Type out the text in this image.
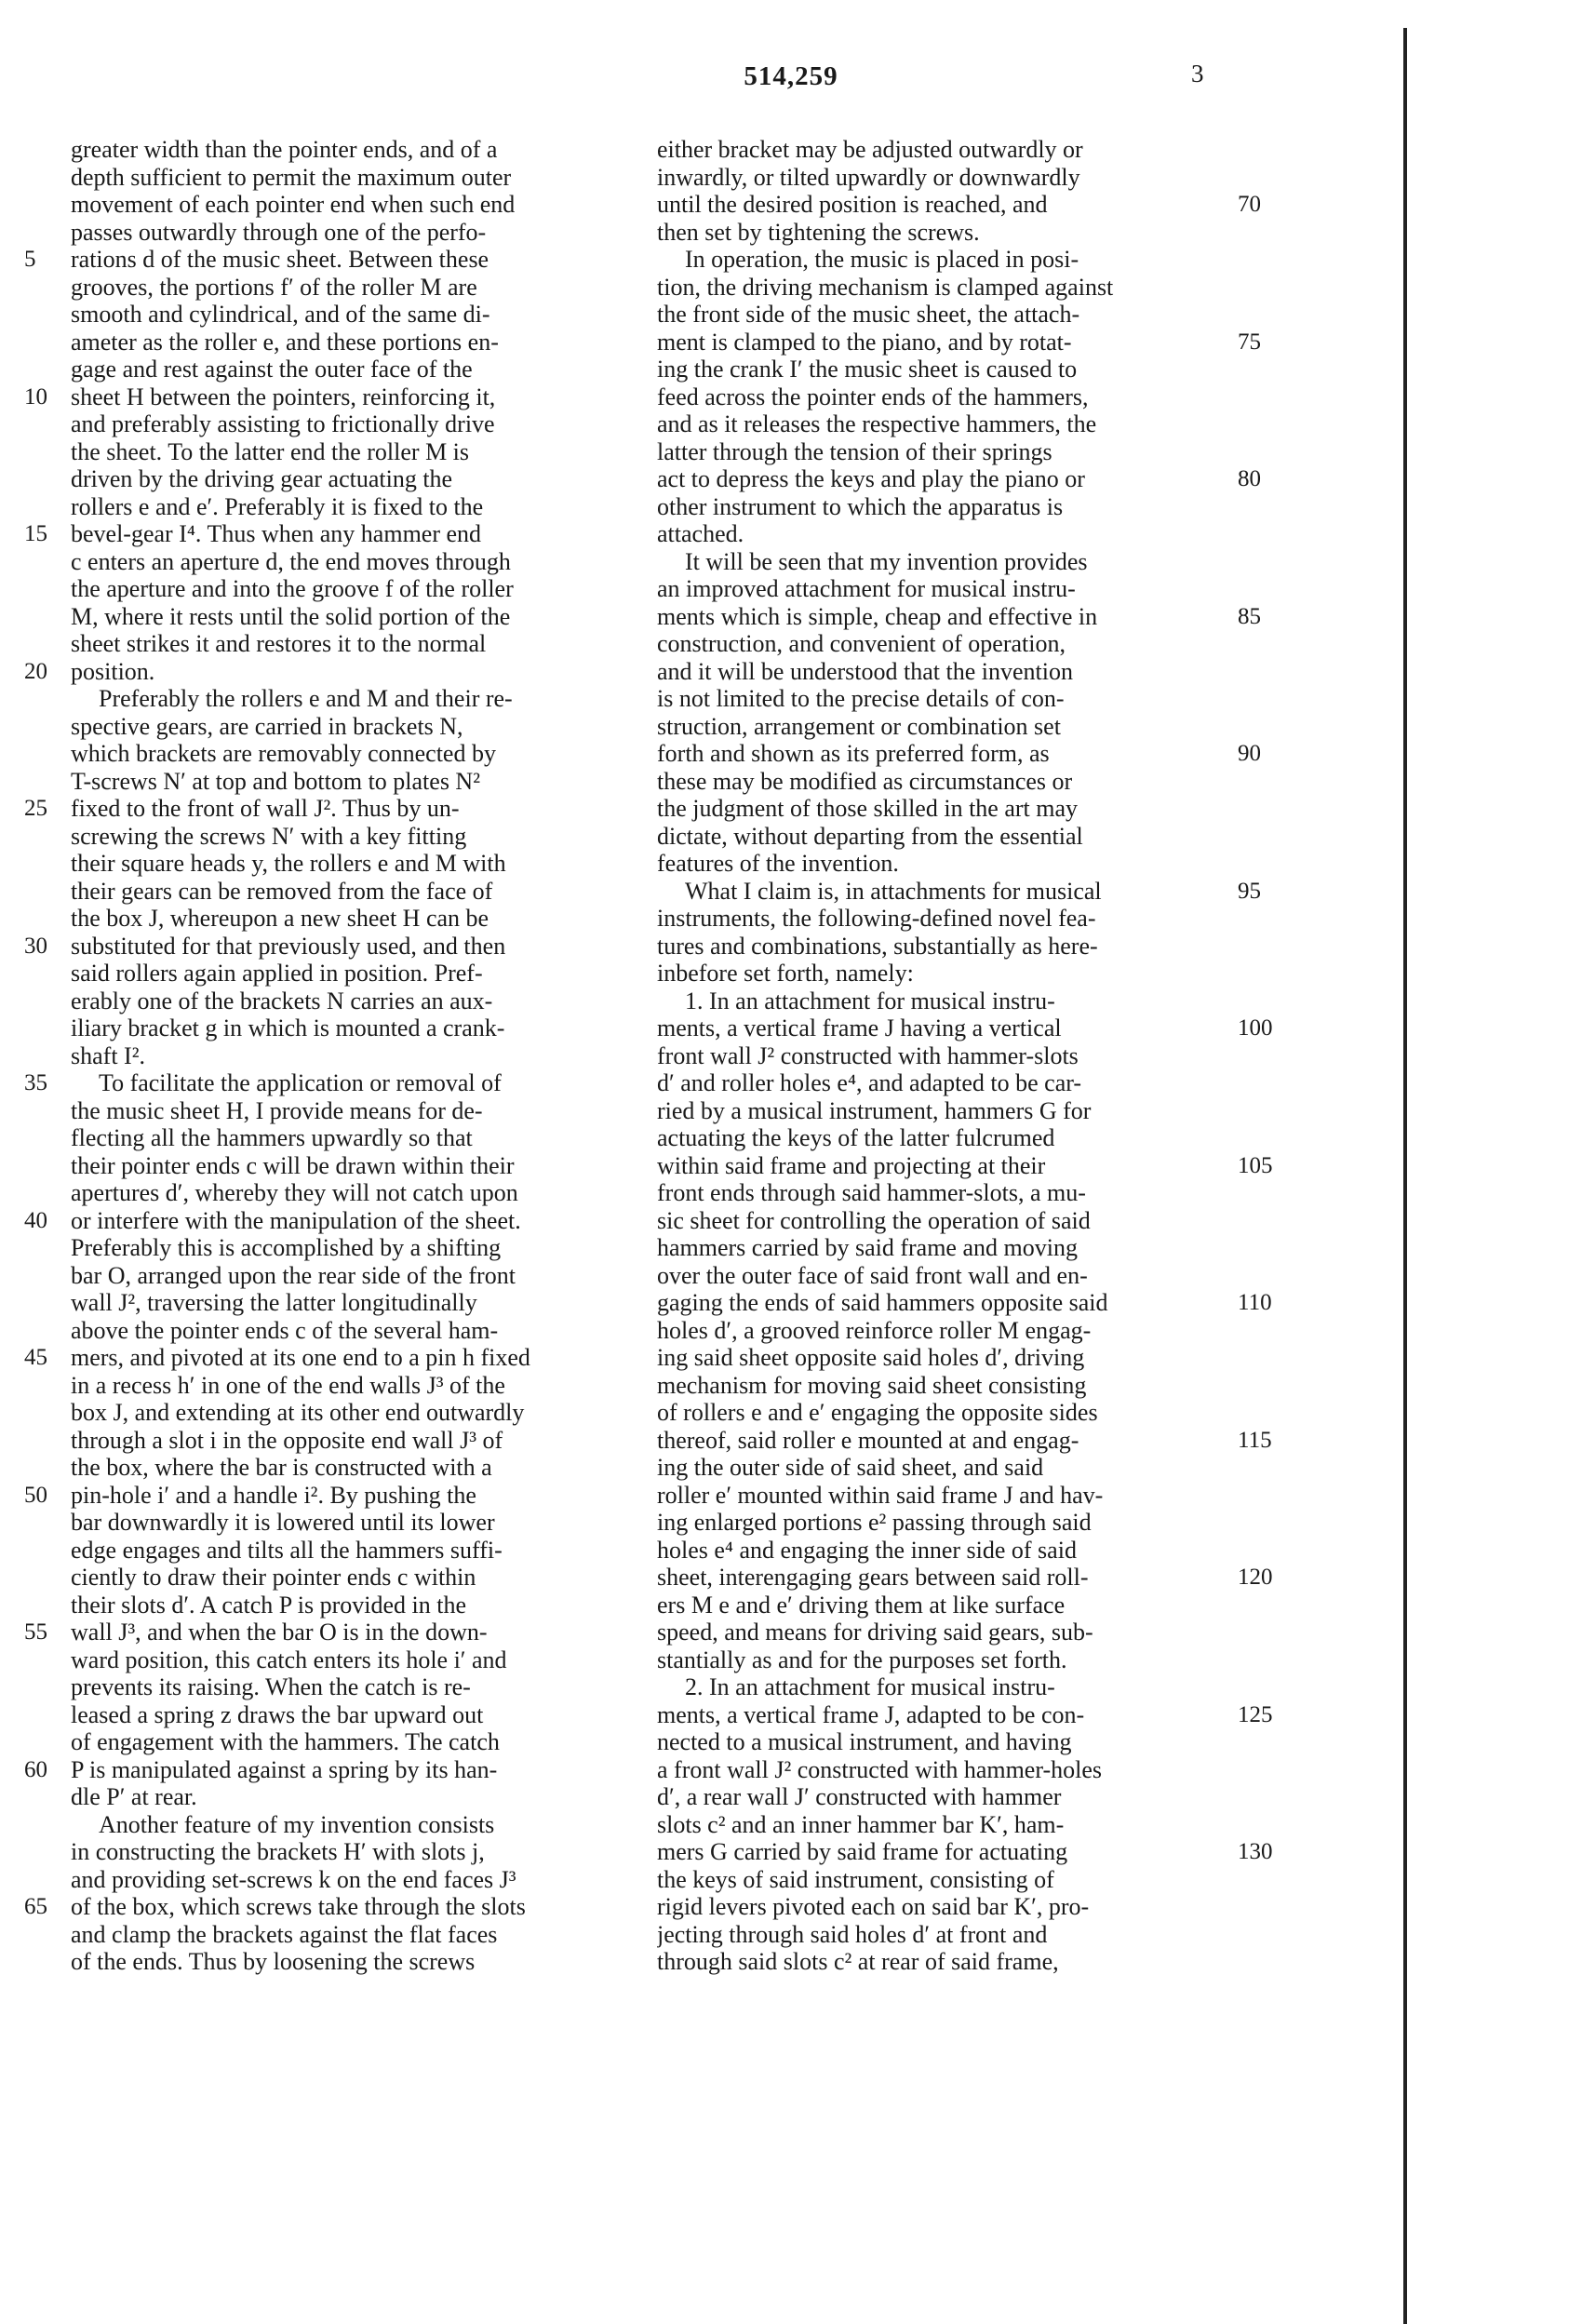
514,259	3
5
10
15
20
25
30
35
40
45
50
55
60
65
greater width than the pointer ends, and of a
depth sufficient to permit the maximum outer
movement of each pointer end when such end
passes outwardly through one of the perfo-
rations d of the music sheet. Between these
grooves, the portions f′ of the roller M are
smooth and cylindrical, and of the same di-
ameter as the roller e, and these portions en-
gage and rest against the outer face of the
sheet H between the pointers, reinforcing it,
and preferably assisting to frictionally drive
the sheet. To the latter end the roller M is
driven by the driving gear actuating the
rollers e and e′. Preferably it is fixed to the
bevel-gear I⁴. Thus when any hammer end
c enters an aperture d, the end moves through
the aperture and into the groove f of the roller
M, where it rests until the solid portion of the
sheet strikes it and restores it to the normal
position.
Preferably the rollers e and M and their re-
spective gears, are carried in brackets N,
which brackets are removably connected by
T-screws N′ at top and bottom to plates N²
fixed to the front of wall J². Thus by un-
screwing the screws N′ with a key fitting
their square heads y, the rollers e and M with
their gears can be removed from the face of
the box J, whereupon a new sheet H can be
substituted for that previously used, and then
said rollers again applied in position. Pref-
erably one of the brackets N carries an aux-
iliary bracket g in which is mounted a crank-
shaft I².
To facilitate the application or removal of
the music sheet H, I provide means for de-
flecting all the hammers upwardly so that
their pointer ends c will be drawn within their
apertures d′, whereby they will not catch upon
or interfere with the manipulation of the sheet.
Preferably this is accomplished by a shifting
bar O, arranged upon the rear side of the front
wall J², traversing the latter longitudinally
above the pointer ends c of the several ham-
mers, and pivoted at its one end to a pin h fixed
in a recess h′ in one of the end walls J³ of the
box J, and extending at its other end outwardly
through a slot i in the opposite end wall J³ of
the box, where the bar is constructed with a
pin-hole i′ and a handle i². By pushing the
bar downwardly it is lowered until its lower
edge engages and tilts all the hammers suffi-
ciently to draw their pointer ends c within
their slots d′. A catch P is provided in the
wall J³, and when the bar O is in the down-
ward position, this catch enters its hole i′ and
prevents its raising. When the catch is re-
leased a spring z draws the bar upward out
of engagement with the hammers. The catch
P is manipulated against a spring by its han-
dle P′ at rear.
Another feature of my invention consists
in constructing the brackets H′ with slots j,
and providing set-screws k on the end faces J³
of the box, which screws take through the slots
and clamp the brackets against the flat faces
of the ends. Thus by loosening the screws
either bracket may be adjusted outwardly or
inwardly, or tilted upwardly or downwardly
until the desired position is reached, and
then set by tightening the screws.
In operation, the music is placed in posi-
tion, the driving mechanism is clamped against
the front side of the music sheet, the attach-
ment is clamped to the piano, and by rotat-
ing the crank I′ the music sheet is caused to
feed across the pointer ends of the hammers,
and as it releases the respective hammers, the
latter through the tension of their springs
act to depress the keys and play the piano or
other instrument to which the apparatus is
attached.
It will be seen that my invention provides
an improved attachment for musical instru-
ments which is simple, cheap and effective in
construction, and convenient of operation,
and it will be understood that the invention
is not limited to the precise details of con-
struction, arrangement or combination set
forth and shown as its preferred form, as
these may be modified as circumstances or
the judgment of those skilled in the art may
dictate, without departing from the essential
features of the invention.
What I claim is, in attachments for musical
instruments, the following-defined novel fea-
tures and combinations, substantially as here-
inbefore set forth, namely:
1. In an attachment for musical instru-
ments, a vertical frame J having a vertical
front wall J² constructed with hammer-slots
d′ and roller holes e⁴, and adapted to be car-
ried by a musical instrument, hammers G for
actuating the keys of the latter fulcrumed
within said frame and projecting at their
front ends through said hammer-slots, a mu-
sic sheet for controlling the operation of said
hammers carried by said frame and moving
over the outer face of said front wall and en-
gaging the ends of said hammers opposite said
holes d′, a grooved reinforce roller M engag-
ing said sheet opposite said holes d′, driving
mechanism for moving said sheet consisting
of rollers e and e′ engaging the opposite sides
thereof, said roller e mounted at and engag-
ing the outer side of said sheet, and said
roller e′ mounted within said frame J and hav-
ing enlarged portions e² passing through said
holes e⁴ and engaging the inner side of said
sheet, interengaging gears between said roll-
ers M e and e′ driving them at like surface
speed, and means for driving said gears, sub-
stantially as and for the purposes set forth.
2. In an attachment for musical instru-
ments, a vertical frame J, adapted to be con-
nected to a musical instrument, and having
a front wall J² constructed with hammer-holes
d′, a rear wall J′ constructed with hammer
slots c² and an inner hammer bar K′, ham-
mers G carried by said frame for actuating
the keys of said instrument, consisting of
rigid levers pivoted each on said bar K′, pro-
jecting through said holes d′ at front and
through said slots c² at rear of said frame,
70
75
80
85
90
95
100
105
110
115
120
125
130
